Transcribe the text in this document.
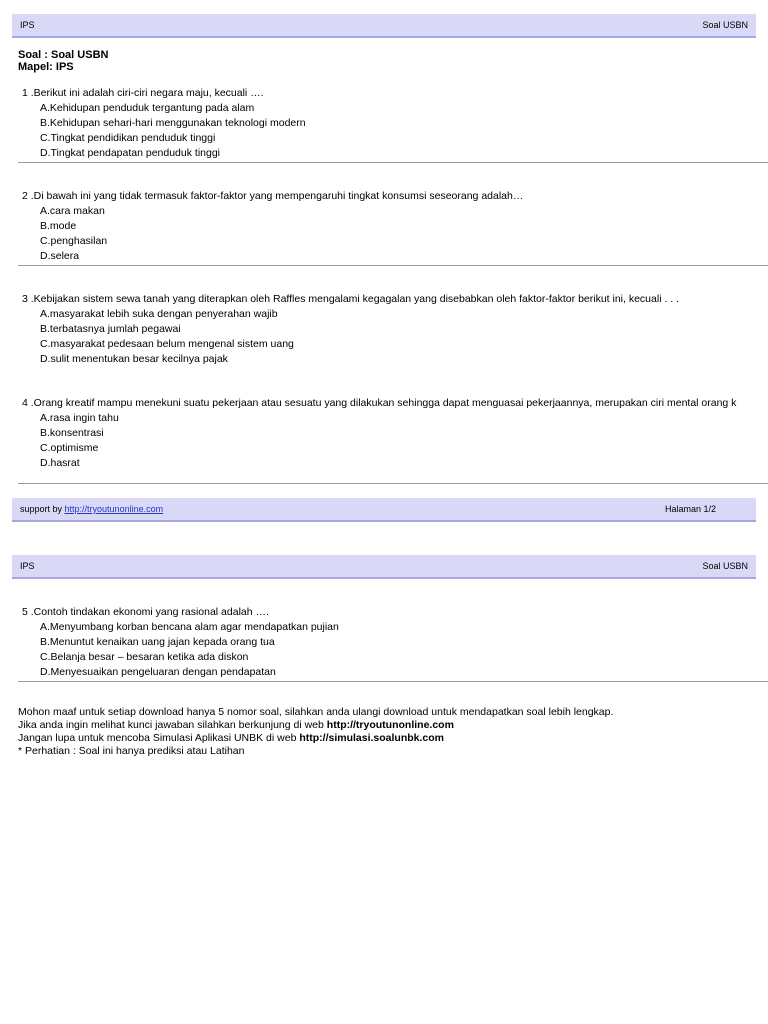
IPS	Soal USBN
Soal : Soal USBN
Mapel: IPS
1 .Berikut ini adalah ciri-ciri negara maju, kecuali ….
A.Kehidupan penduduk tergantung pada alam
B.Kehidupan sehari-hari menggunakan teknologi modern
C.Tingkat pendidikan penduduk tinggi
D.Tingkat pendapatan penduduk tinggi
2 .Di bawah ini yang tidak termasuk faktor-faktor yang mempengaruhi tingkat konsumsi seseorang adalah…
A.cara makan
B.mode
C.penghasilan
D.selera
3 .Kebijakan sistem sewa tanah yang diterapkan oleh Raffles mengalami kegagalan yang disebabkan oleh faktor-faktor berikut ini, kecuali . . .
A.masyarakat lebih suka dengan penyerahan wajib
B.terbatasnya jumlah pegawai
C.masyarakat pedesaan belum mengenal sistem uang
D.sulit menentukan besar kecilnya pajak
4 .Orang kreatif mampu menekuni suatu pekerjaan atau sesuatu yang dilakukan sehingga dapat menguasai pekerjaannya, merupakan ciri mental orang k
A.rasa ingin tahu
B.konsentrasi
C.optimisme
D.hasrat
support by http://tryoutunonline.com	Halaman 1/2
IPS	Soal USBN
5 .Contoh tindakan ekonomi yang rasional adalah ….
A.Menyumbang korban bencana alam agar mendapatkan pujian
B.Menuntut kenaikan uang jajan kepada orang tua
C.Belanja besar – besaran ketika ada diskon
D.Menyesuaikan pengeluaran dengan pendapatan
Mohon maaf untuk setiap download hanya 5 nomor soal, silahkan anda ulangi download untuk mendapatkan soal lebih lengkap.
Jika anda ingin melihat kunci jawaban silahkan berkunjung di web http://tryoutunonline.com
Jangan lupa untuk mencoba Simulasi Aplikasi UNBK di web http://simulasi.soalunbk.com
* Perhatian : Soal ini hanya prediksi atau Latihan
